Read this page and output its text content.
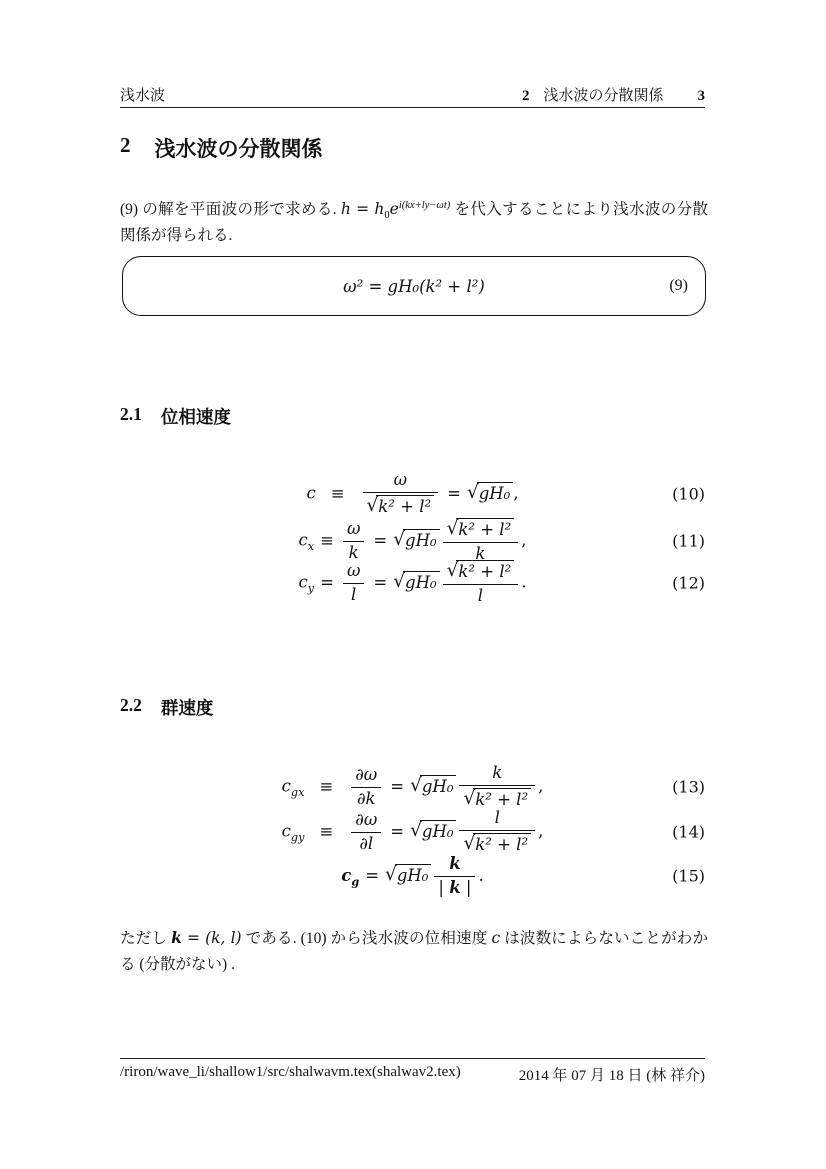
浅水波	2 浅水波の分散関係 3
2 浅水波の分散関係

(9) の解を平面波の形で求める. $h = h_0e^{i(kx+ly-\omega t)}$ を代入することにより浅水波の分散関係が得られる.

ω² = gH₀(k² + l²)	(9)
2.1 位相速度
$c \equiv \frac{\omega}{\text{√k² + l²}} = √gH_0$ ,	(10)
$c_x \equiv \frac{\omega}{k} = √gH_0 \frac{\text{√k² + l²}}{k}$ ,	(11)
$c_y = \frac{\omega}{l} = √gH_0 \frac{\text{√k² + l²}}{l}$ .	(12)
2.2 群速度
$c_{gx} \equiv \frac{\partial\omega}{\partial k} = √gH_0 \frac{k}{\text{√k² + l²}}$ ,	(13)
$c_{gy} \equiv \frac{\partial\omega}{\partial l} = √gH_0 \frac{l}{\text{√k² + l²}}$ ,	(14)
$c_g = √gH_0 \frac{k}{| k |}$ .	(15)

ただし k = (k, l) である. (10) から浅水波の位相速度 c は波数によらないことがわかる (分散がない) .

/riron/wave_li/shallow1/src/shalwavm.tex(shalwav2.tex)	2014 年 07 月 18 日 (林 祥介)
